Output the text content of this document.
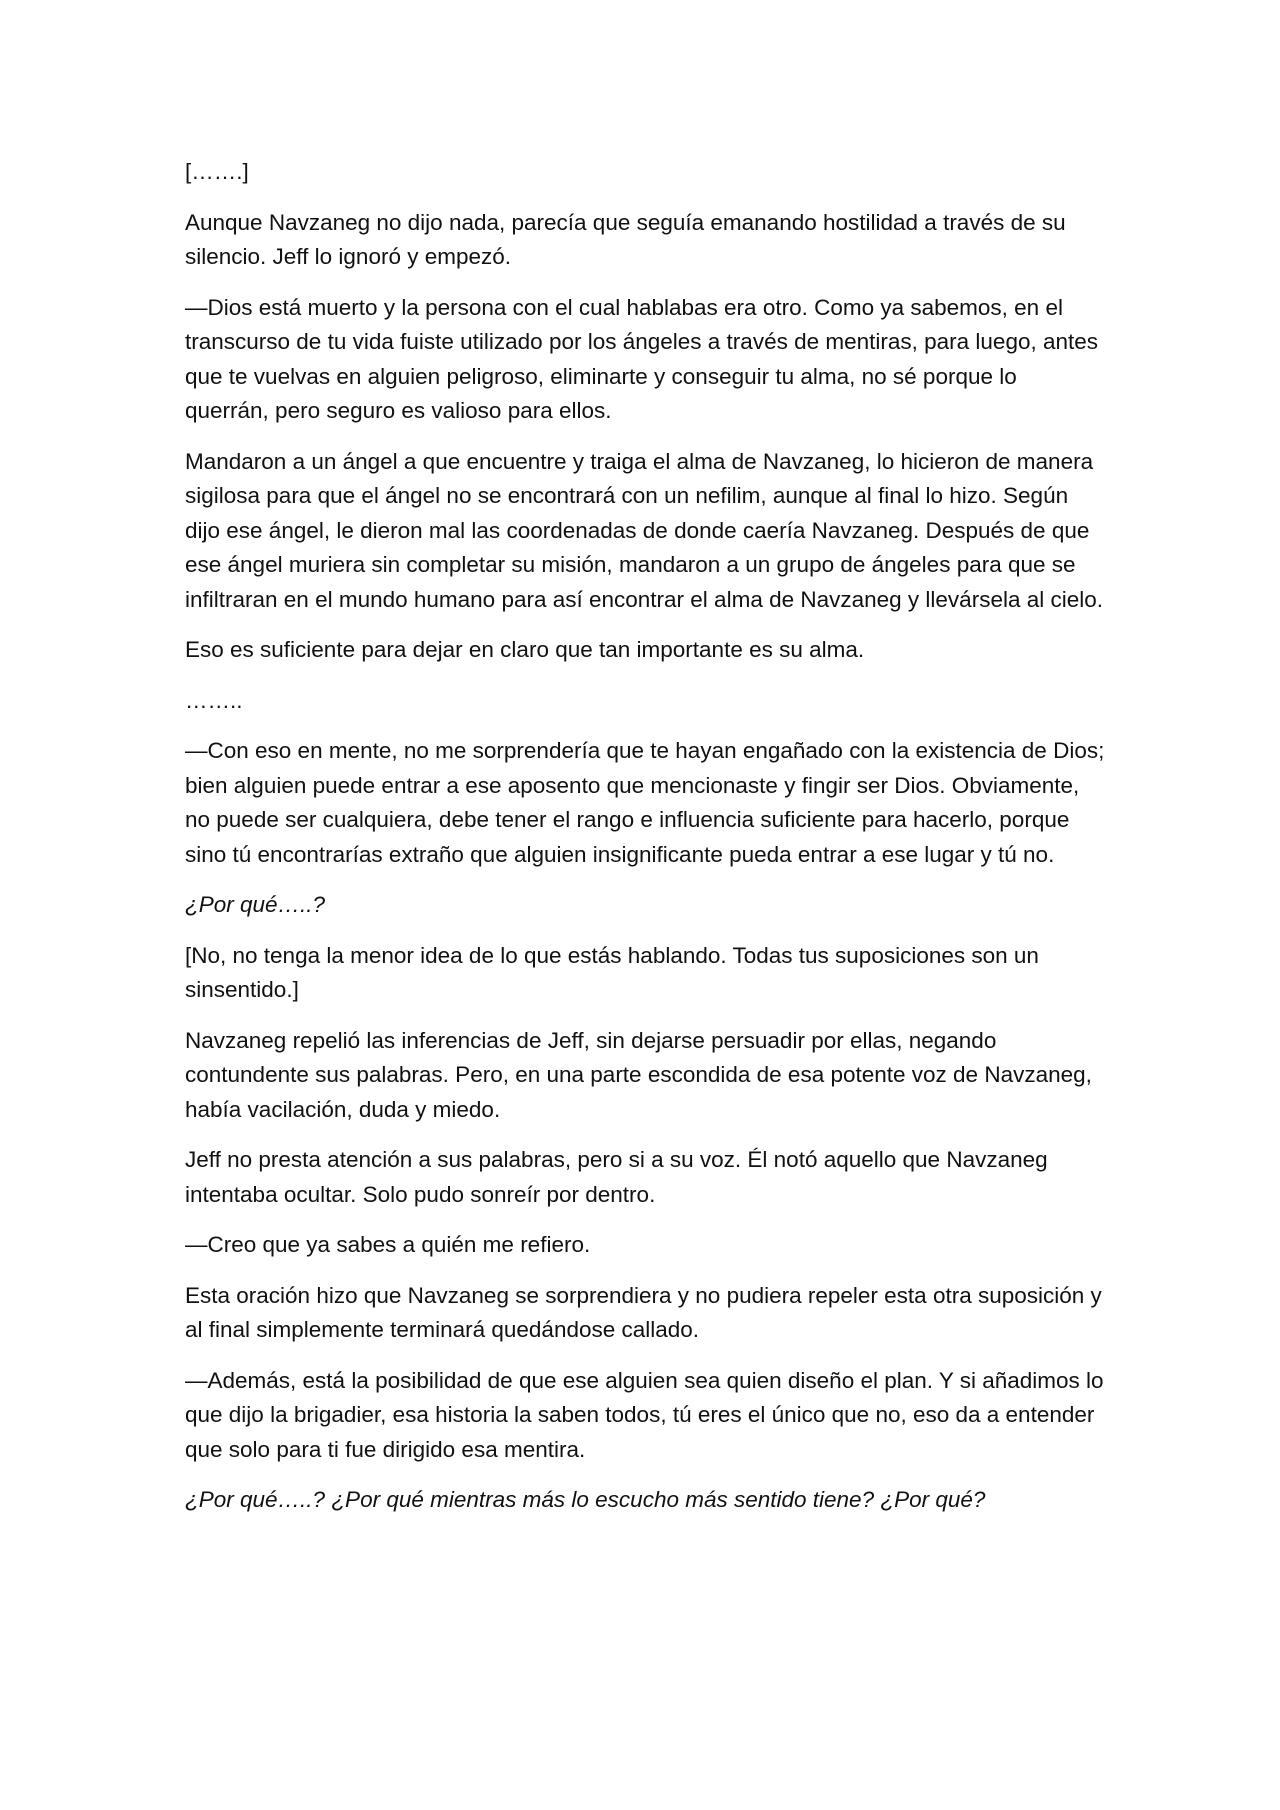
[…….]

Aunque Navzaneg no dijo nada, parecía que seguía emanando hostilidad a través de su silencio. Jeff lo ignoró y empezó.

—Dios está muerto y la persona con el cual hablabas era otro. Como ya sabemos, en el transcurso de tu vida fuiste utilizado por los ángeles a través de mentiras, para luego, antes que te vuelvas en alguien peligroso, eliminarte y conseguir tu alma, no sé porque lo querrán, pero seguro es valioso para ellos.

Mandaron a un ángel a que encuentre y traiga el alma de Navzaneg, lo hicieron de manera sigilosa para que el ángel no se encontrará con un nefilim, aunque al final lo hizo. Según dijo ese ángel, le dieron mal las coordenadas de donde caería Navzaneg. Después de que ese ángel muriera sin completar su misión, mandaron a un grupo de ángeles para que se infiltraran en el mundo humano para así encontrar el alma de Navzaneg y llevársela al cielo.

Eso es suficiente para dejar en claro que tan importante es su alma.

……..

—Con eso en mente, no me sorprendería que te hayan engañado con la existencia de Dios; bien alguien puede entrar a ese aposento que mencionaste y fingir ser Dios. Obviamente, no puede ser cualquiera, debe tener el rango e influencia suficiente para hacerlo, porque sino tú encontrarías extraño que alguien insignificante pueda entrar a ese lugar y tú no.

¿Por qué…..?

[No, no tenga la menor idea de lo que estás hablando. Todas tus suposiciones son un sinsentido.]

Navzaneg repelió las inferencias de Jeff, sin dejarse persuadir por ellas, negando contundente sus palabras. Pero, en una parte escondida de esa potente voz de Navzaneg, había vacilación, duda y miedo.

Jeff no presta atención a sus palabras, pero si a su voz. Él notó aquello que Navzaneg intentaba ocultar. Solo pudo sonreír por dentro.

—Creo que ya sabes a quién me refiero.

Esta oración hizo que Navzaneg se sorprendiera y no pudiera repeler esta otra suposición y al final simplemente terminará quedándose callado.

—Además, está la posibilidad de que ese alguien sea quien diseño el plan. Y si añadimos lo que dijo la brigadier, esa historia la saben todos, tú eres el único que no, eso da a entender que solo para ti fue dirigido esa mentira.

¿Por qué…..? ¿Por qué mientras más lo escucho más sentido tiene? ¿Por qué?
